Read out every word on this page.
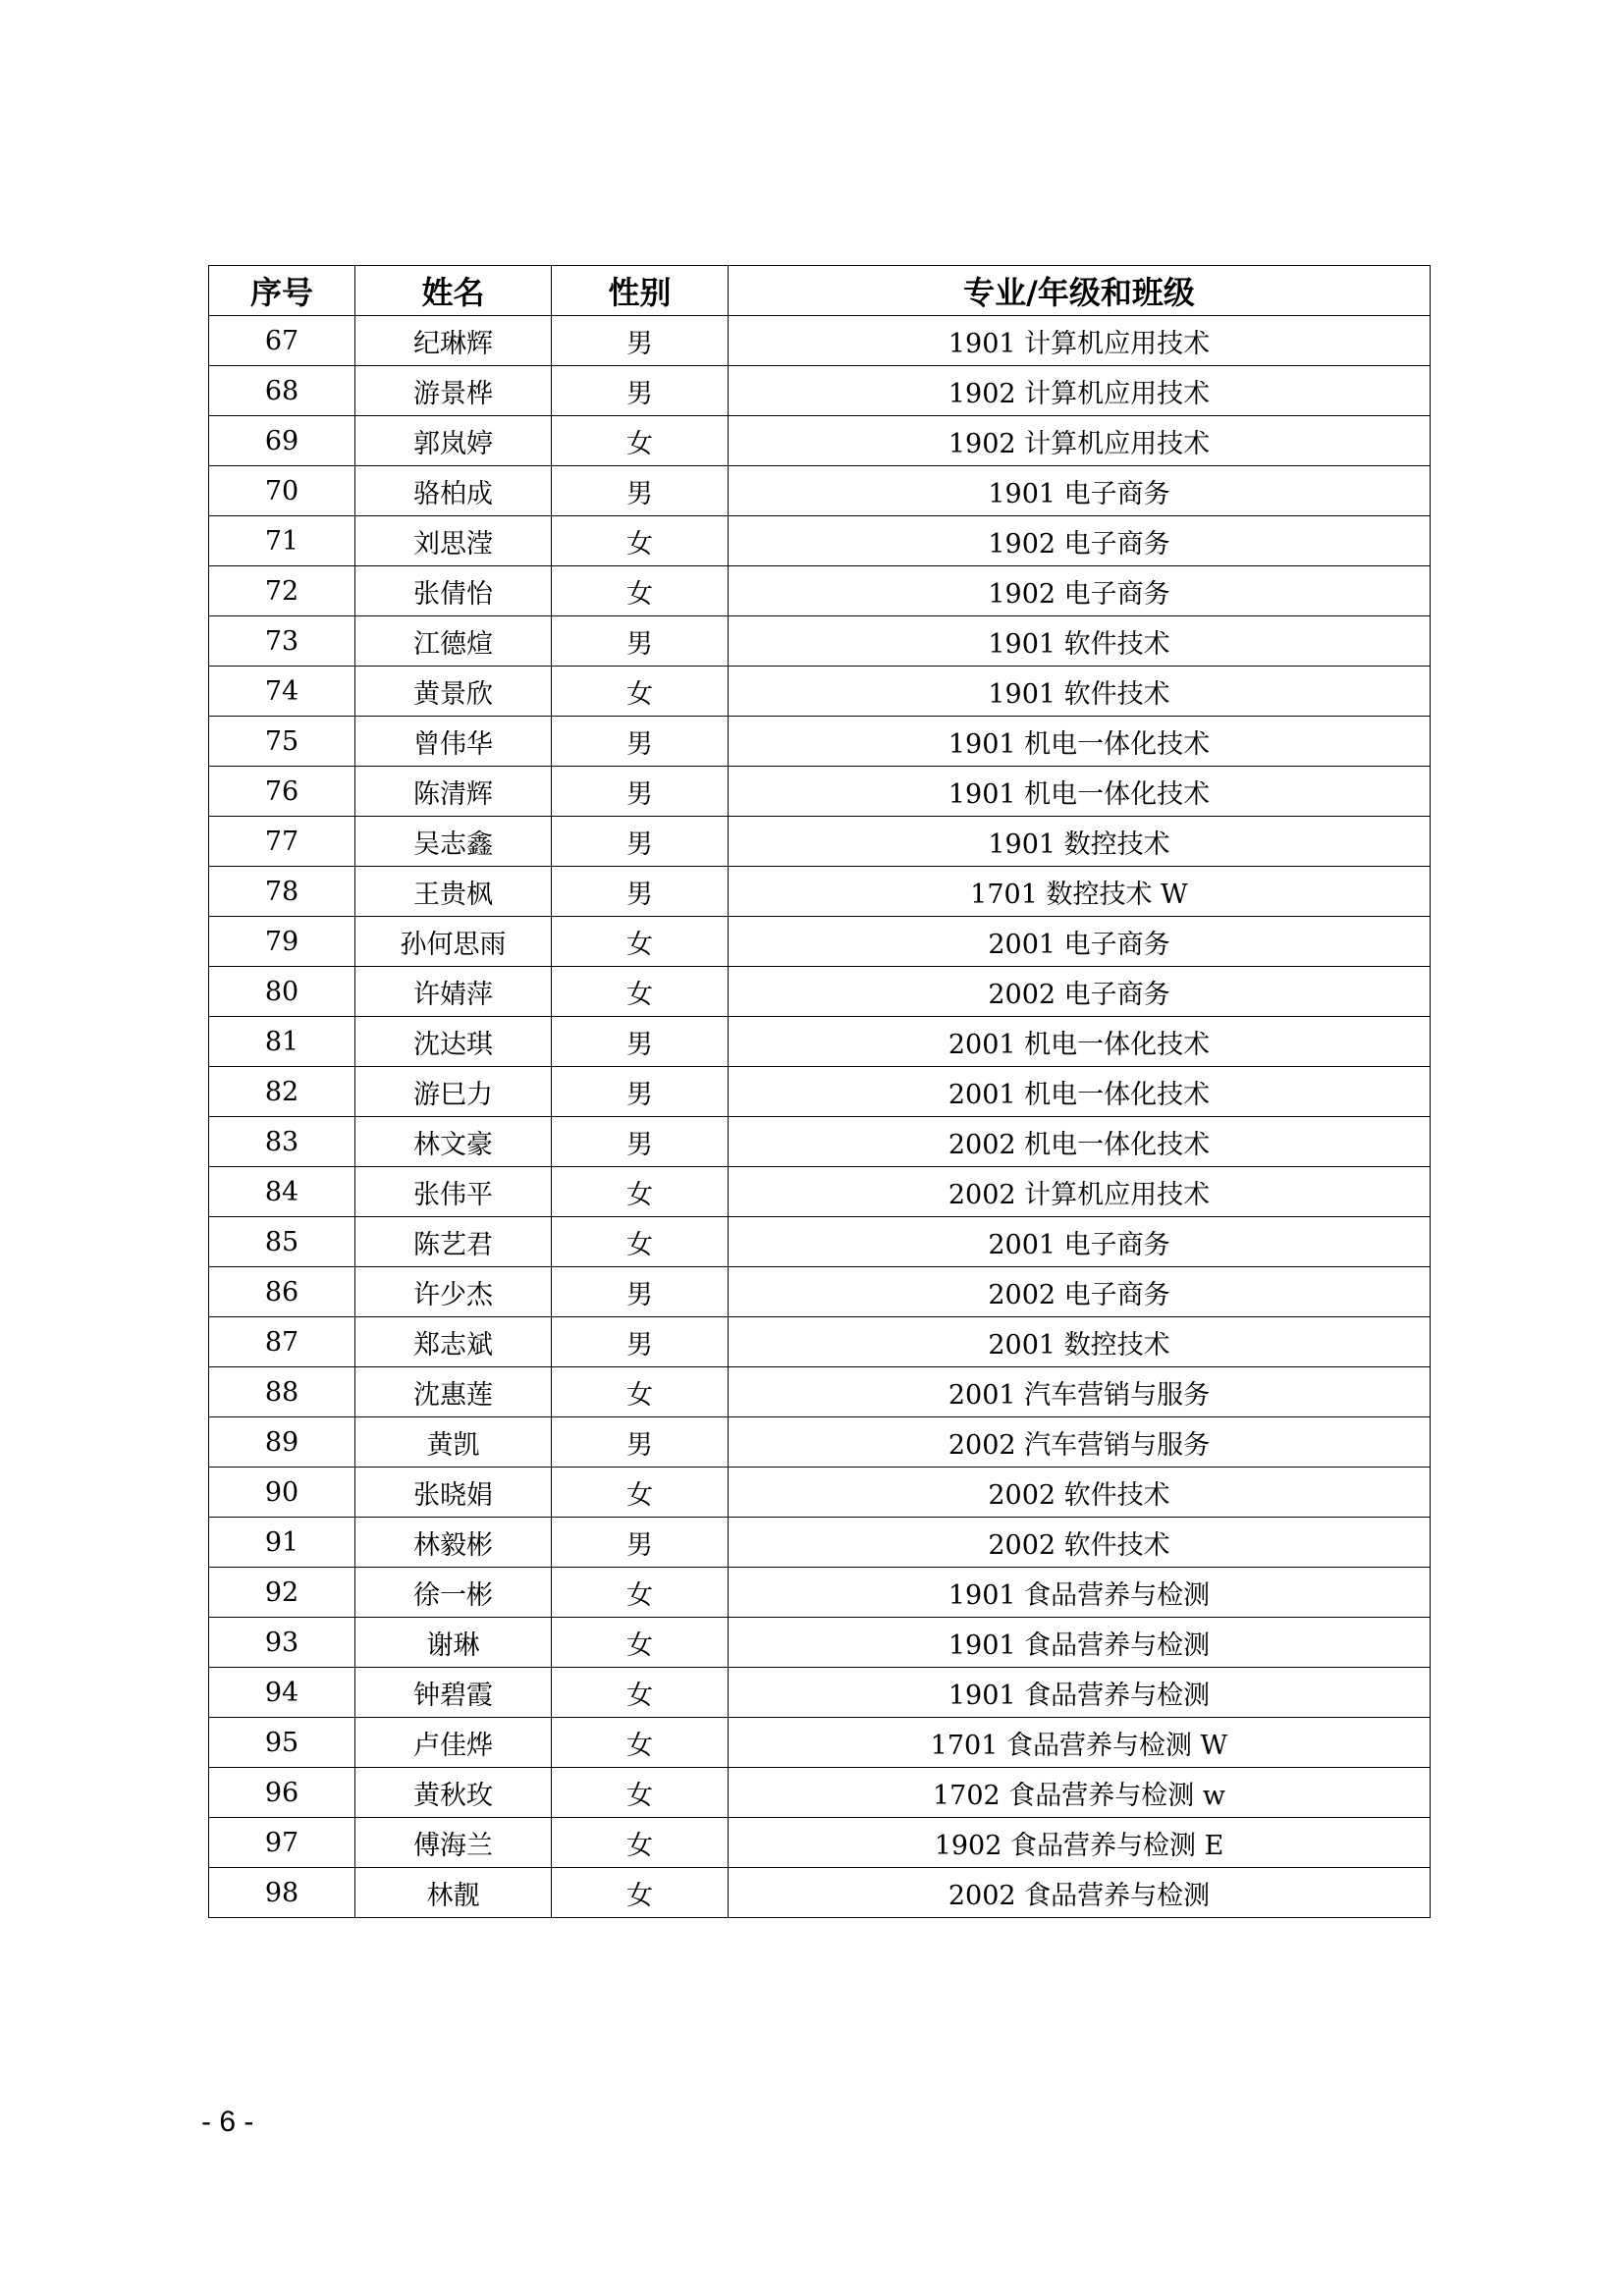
序号	姓名	性别	专业/年级和班级
67	纪琳辉	男	1901 计算机应用技术
68	游景桦	男	1902 计算机应用技术
69	郭岚婷	女	1902 计算机应用技术
70	骆柏成	男	1901 电子商务
71	刘思滢	女	1902 电子商务
72	张倩怡	女	1902 电子商务
73	江德煊	男	1901 软件技术
74	黄景欣	女	1901 软件技术
75	曾伟华	男	1901 机电一体化技术
76	陈清辉	男	1901 机电一体化技术
77	吴志鑫	男	1901 数控技术
78	王贵枫	男	1701 数控技术 W
79	孙何思雨	女	2001 电子商务
80	许婧萍	女	2002 电子商务
81	沈达琪	男	2001 机电一体化技术
82	游巳力	男	2001 机电一体化技术
83	林文豪	男	2002 机电一体化技术
84	张伟平	女	2002 计算机应用技术
85	陈艺君	女	2001 电子商务
86	许少杰	男	2002 电子商务
87	郑志斌	男	2001 数控技术
88	沈惠莲	女	2001 汽车营销与服务
89	黄凯	男	2002 汽车营销与服务
90	张晓娟	女	2002 软件技术
91	林毅彬	男	2002 软件技术
92	徐一彬	女	1901 食品营养与检测
93	谢琳	女	1901 食品营养与检测
94	钟碧霞	女	1901 食品营养与检测
95	卢佳烨	女	1701 食品营养与检测 W
96	黄秋玫	女	1702 食品营养与检测 w
97	傅海兰	女	1902 食品营养与检测 E
98	林靓	女	2002 食品营养与检测
- 6 -
